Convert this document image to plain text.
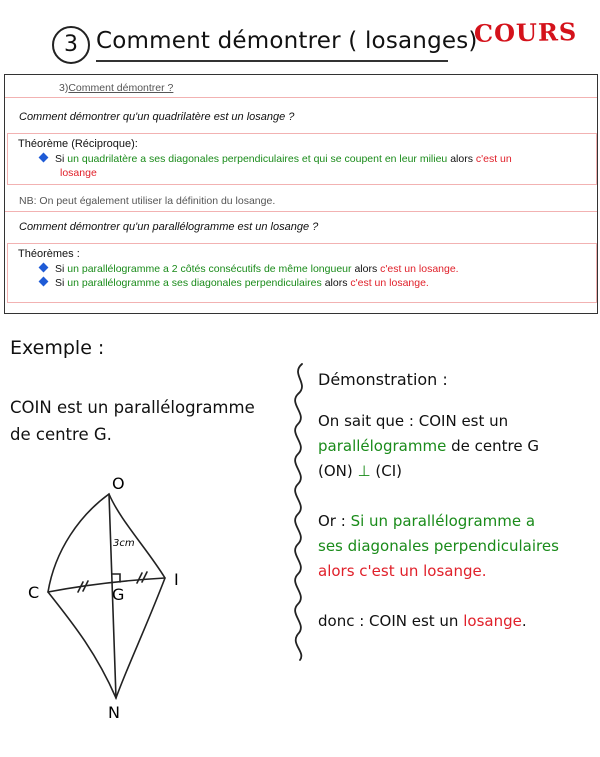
3 Comment démontrer ( losanges)
COURS
3)Comment démontrer ?
Comment démontrer qu'un quadrilatère est un losange ?
Théorème (Réciproque):
Si un quadrilatère a ses diagonales perpendiculaires et qui se coupent en leur milieu alors c'est un
losange
NB: On peut également utiliser la définition du losange.
Comment démontrer qu'un parallélogramme est un losange ?
Théorèmes :
Si un parallélogramme a 2 côtés consécutifs de même longueur alors c'est un losange.
Si un parallélogramme a ses diagonales perpendiculaires alors c'est un losange.
Exemple :
COIN est un parallélogramme
de centre G.
O
C	G
I
N
3cm
Démonstration :
On sait que : COIN est un
parallélogramme de centre G
(ON) ⊥ (CI)
Or : Si un parallélogramme a
ses diagonales perpendiculaires
alors c'est un losange.
donc : COIN est un losange.
